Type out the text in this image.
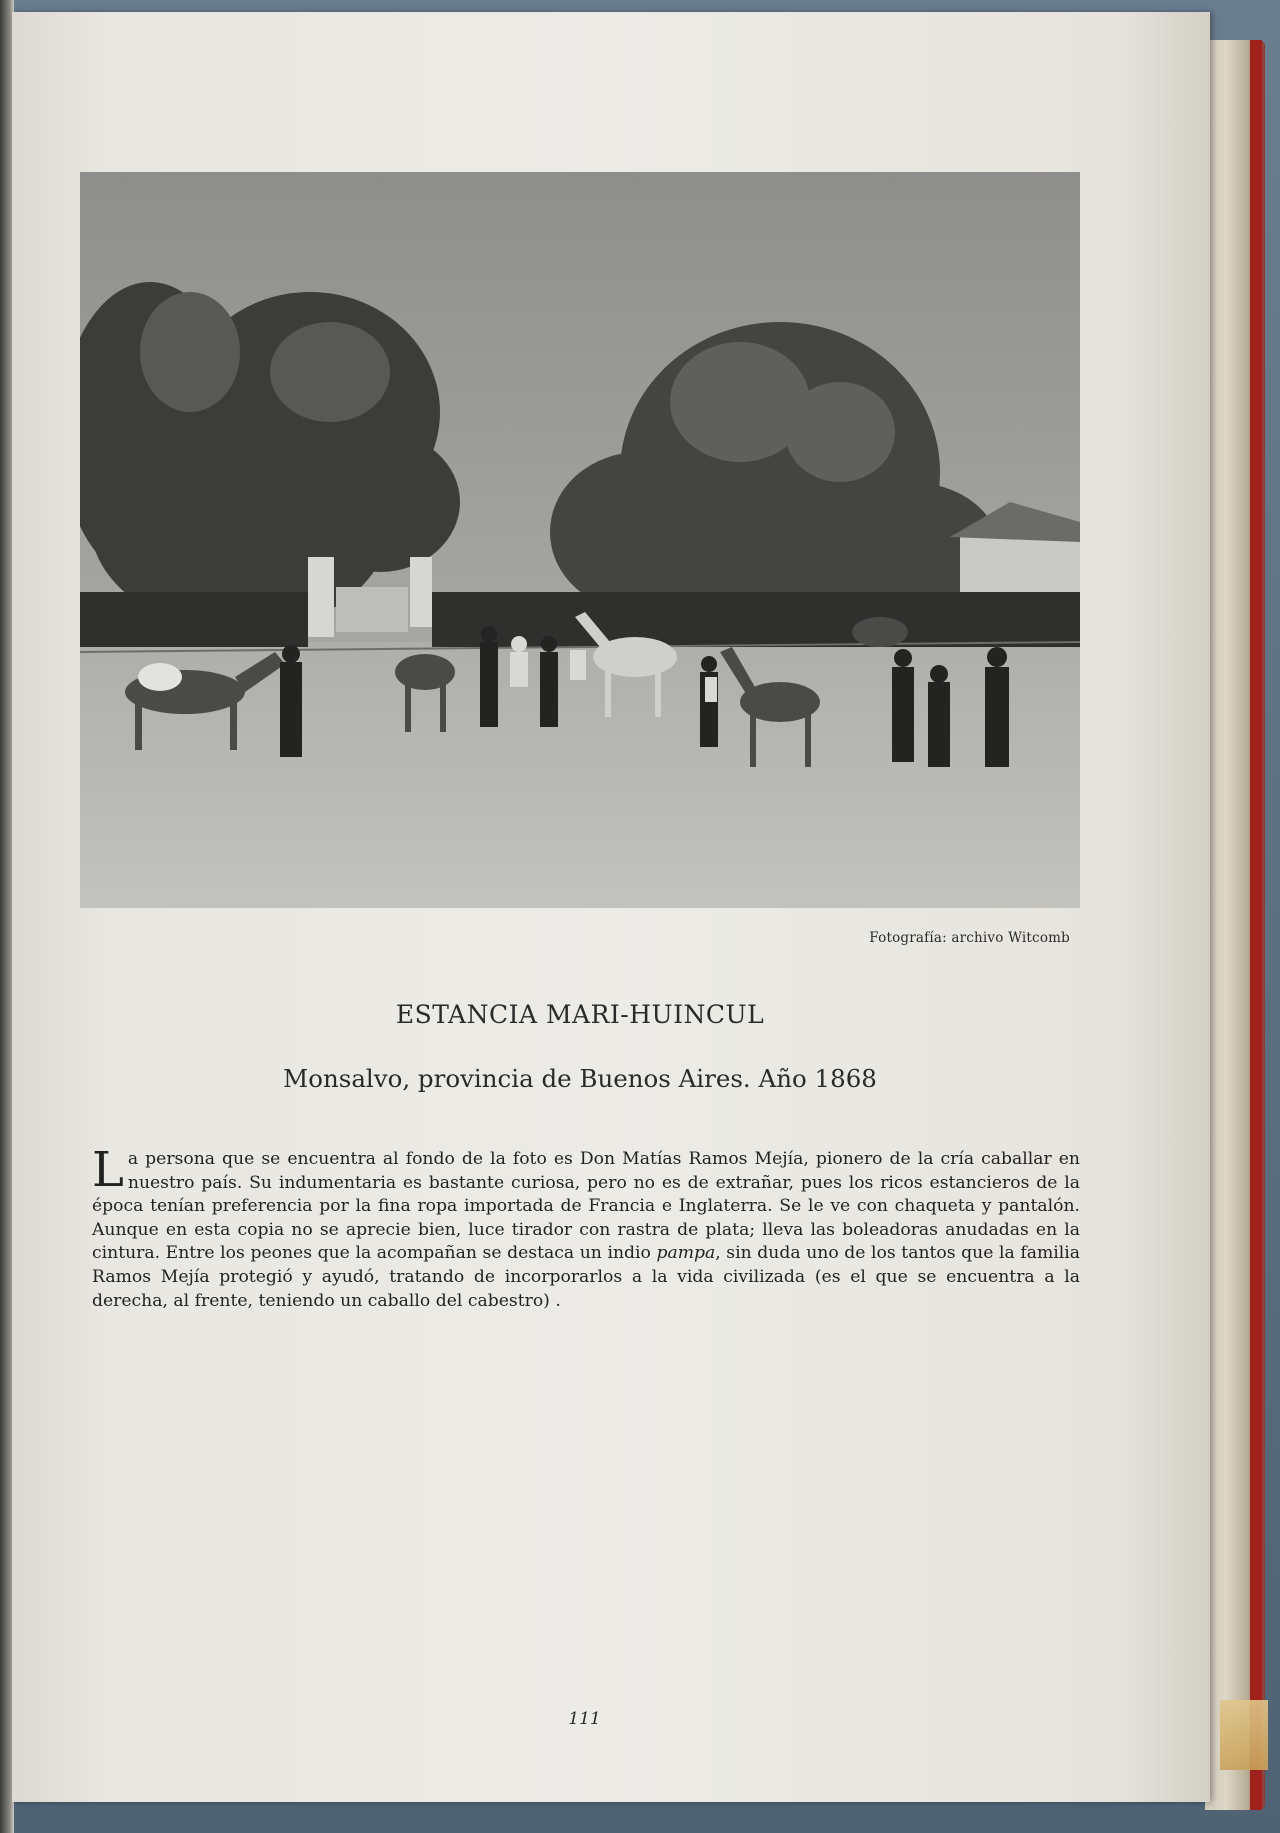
Fotografía: archivo Witcomb
ESTANCIA MARI-HUINCUL
Monsalvo, provincia de Buenos Aires. Año 1868
La persona que se encuentra al fondo de la foto es Don Matías Ramos Mejía, pionero de la cría caballar en nuestro país. Su indumentaria es bastante curiosa, pero no es de extrañar, pues los ricos estancieros de la época tenían preferencia por la fina ropa importada de Francia e Inglaterra. Se le ve con chaqueta y pantalón. Aunque en esta copia no se aprecie bien, luce tirador con rastra de plata; lleva las boleadoras anudadas en la cintura. Entre los peones que la acompañan se destaca un indio pampa, sin duda uno de los tantos que la familia Ramos Mejía protegió y ayudó, tratando de incorporarlos a la vida civilizada (es el que se encuentra a la derecha, al frente, teniendo un caballo del cabestro) .
111
